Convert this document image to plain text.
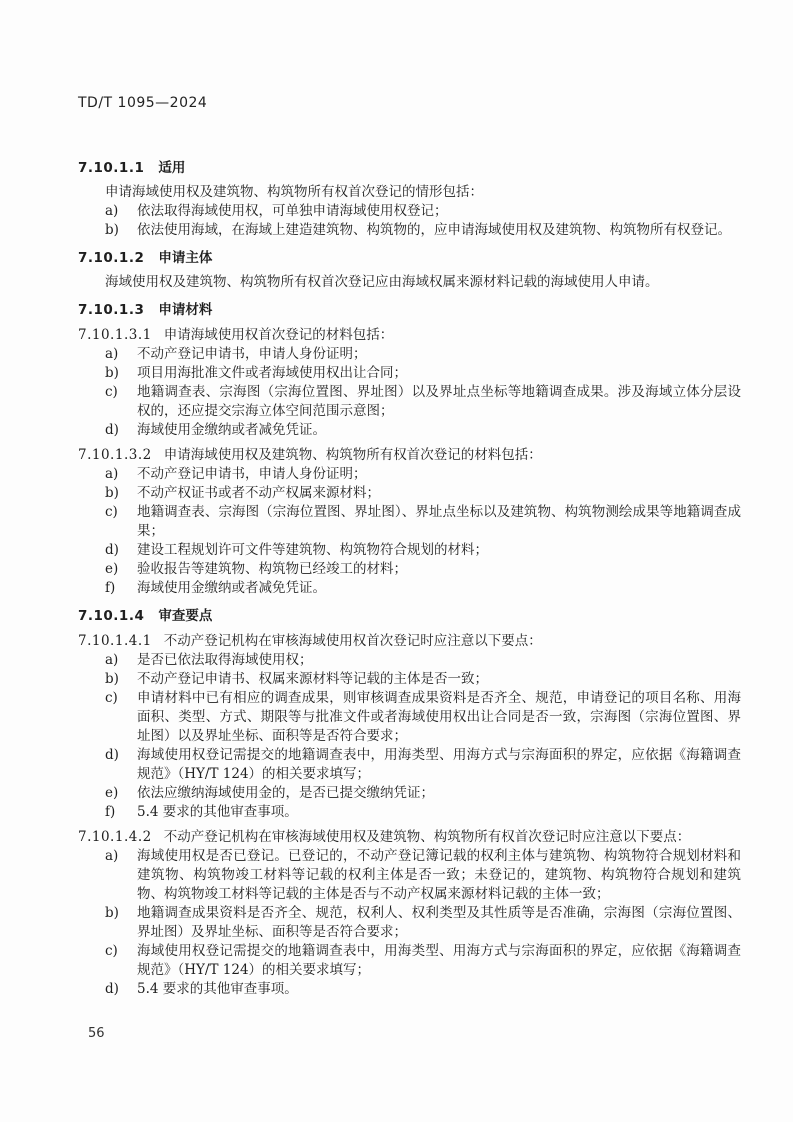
TD/T 1095—2024
7.10.1.1 适用
申请海域使用权及建筑物、构筑物所有权首次登记的情形包括：
a) 依法取得海域使用权，可单独申请海域使用权登记；
b) 依法使用海域，在海域上建造建筑物、构筑物的，应申请海域使用权及建筑物、构筑物所有权登记。
7.10.1.2 申请主体
海域使用权及建筑物、构筑物所有权首次登记应由海域权属来源材料记载的海域使用人申请。
7.10.1.3 申请材料
7.10.1.3.1 申请海域使用权首次登记的材料包括：
a) 不动产登记申请书，申请人身份证明；
b) 项目用海批准文件或者海域使用权出让合同；
c) 地籍调查表、宗海图（宗海位置图、界址图）以及界址点坐标等地籍调查成果。涉及海域立体分层设权的，还应提交宗海立体空间范围示意图；
d) 海域使用金缴纳或者减免凭证。
7.10.1.3.2 申请海域使用权及建筑物、构筑物所有权首次登记的材料包括：
a) 不动产登记申请书，申请人身份证明；
b) 不动产权证书或者不动产权属来源材料；
c) 地籍调查表、宗海图（宗海位置图、界址图）、界址点坐标以及建筑物、构筑物测绘成果等地籍调查成果；
d) 建设工程规划许可文件等建筑物、构筑物符合规划的材料；
e) 验收报告等建筑物、构筑物已经竣工的材料；
f) 海域使用金缴纳或者减免凭证。
7.10.1.4 审查要点
7.10.1.4.1 不动产登记机构在审核海域使用权首次登记时应注意以下要点：
a) 是否已依法取得海域使用权；
b) 不动产登记申请书、权属来源材料等记载的主体是否一致；
c) 申请材料中已有相应的调查成果，则审核调查成果资料是否齐全、规范，申请登记的项目名称、用海面积、类型、方式、期限等与批准文件或者海域使用权出让合同是否一致，宗海图（宗海位置图、界址图）以及界址坐标、面积等是否符合要求；
d) 海域使用权登记需提交的地籍调查表中，用海类型、用海方式与宗海面积的界定，应依据《海籍调查规范》（HY/T 124）的相关要求填写；
e) 依法应缴纳海域使用金的，是否已提交缴纳凭证；
f) 5.4 要求的其他审查事项。
7.10.1.4.2 不动产登记机构在审核海域使用权及建筑物、构筑物所有权首次登记时应注意以下要点：
a) 海域使用权是否已登记。已登记的，不动产登记簿记载的权利主体与建筑物、构筑物符合规划材料和建筑物、构筑物竣工材料等记载的权利主体是否一致；未登记的，建筑物、构筑物符合规划和建筑物、构筑物竣工材料等记载的主体是否与不动产权属来源材料记载的主体一致；
b) 地籍调查成果资料是否齐全、规范，权利人、权利类型及其性质等是否准确，宗海图（宗海位置图、界址图）及界址坐标、面积等是否符合要求；
c) 海域使用权登记需提交的地籍调查表中，用海类型、用海方式与宗海面积的界定，应依据《海籍调查规范》（HY/T 124）的相关要求填写；
d) 5.4 要求的其他审查事项。
56
